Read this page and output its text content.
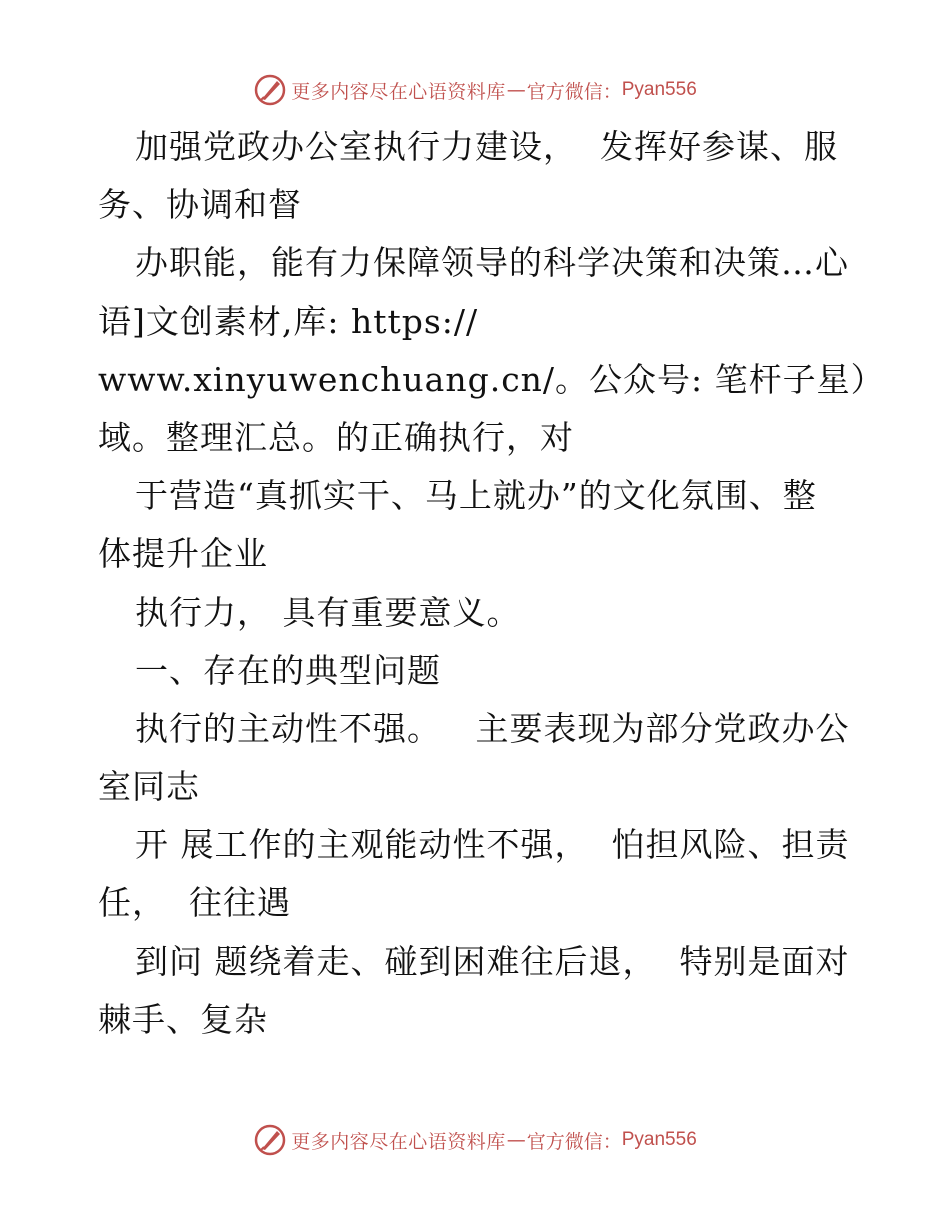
更多内容尽在心语资料库 — 官方微信： Pyan556
加强党政办公室执行力建设，  发挥好参谋、服
务、协调和督
办职能，能有力保障领导的科学决策和决策…心
语]文创素材,库: https://
www.xinyuwenchuang.cn/。公众号: 笔杆子星）
域。整理汇总。的正确执行，对
于营造“真抓实干、马上就办”的文化氛围、整
体提升企业
执行力， 具有重要意义。
一、存在的典型问题
执行的主动性不强。   主要表现为部分党政办公
室同志
开 展工作的主观能动性不强，  怕担风险、担责
任，  往往遇
到问 题绕着走、碰到困难往后退，  特别是面对
棘手、复杂
更多内容尽在心语资料库 — 官方微信： Pyan556
